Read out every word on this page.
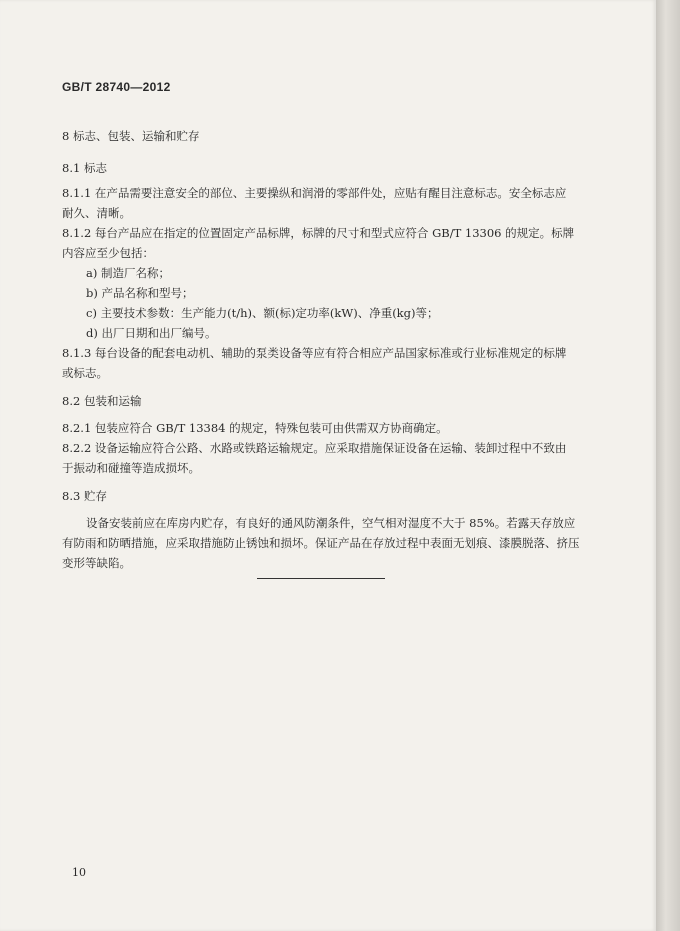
GB/T 28740—2012
8 标志、包装、运输和贮存
8.1 标志
8.1.1 在产品需要注意安全的部位、主要操纵和润滑的零部件处，应贴有醒目注意标志。安全标志应
耐久、清晰。
8.1.2 每台产品应在指定的位置固定产品标牌，标牌的尺寸和型式应符合 GB/T 13306 的规定。标牌
内容应至少包括：
a) 制造厂名称；
b) 产品名称和型号；
c) 主要技术参数：生产能力(t/h)、额(标)定功率(kW)、净重(kg)等；
d) 出厂日期和出厂编号。
8.1.3 每台设备的配套电动机、辅助的泵类设备等应有符合相应产品国家标准或行业标准规定的标牌
或标志。
8.2 包装和运输
8.2.1 包装应符合 GB/T 13384 的规定，特殊包装可由供需双方协商确定。
8.2.2 设备运输应符合公路、水路或铁路运输规定。应采取措施保证设备在运输、装卸过程中不致由
于振动和碰撞等造成损坏。
8.3 贮存
设备安装前应在库房内贮存，有良好的通风防潮条件，空气相对湿度不大于 85%。若露天存放应
有防雨和防晒措施，应采取措施防止锈蚀和损坏。保证产品在存放过程中表面无划痕、漆膜脱落、挤压
变形等缺陷。
10
